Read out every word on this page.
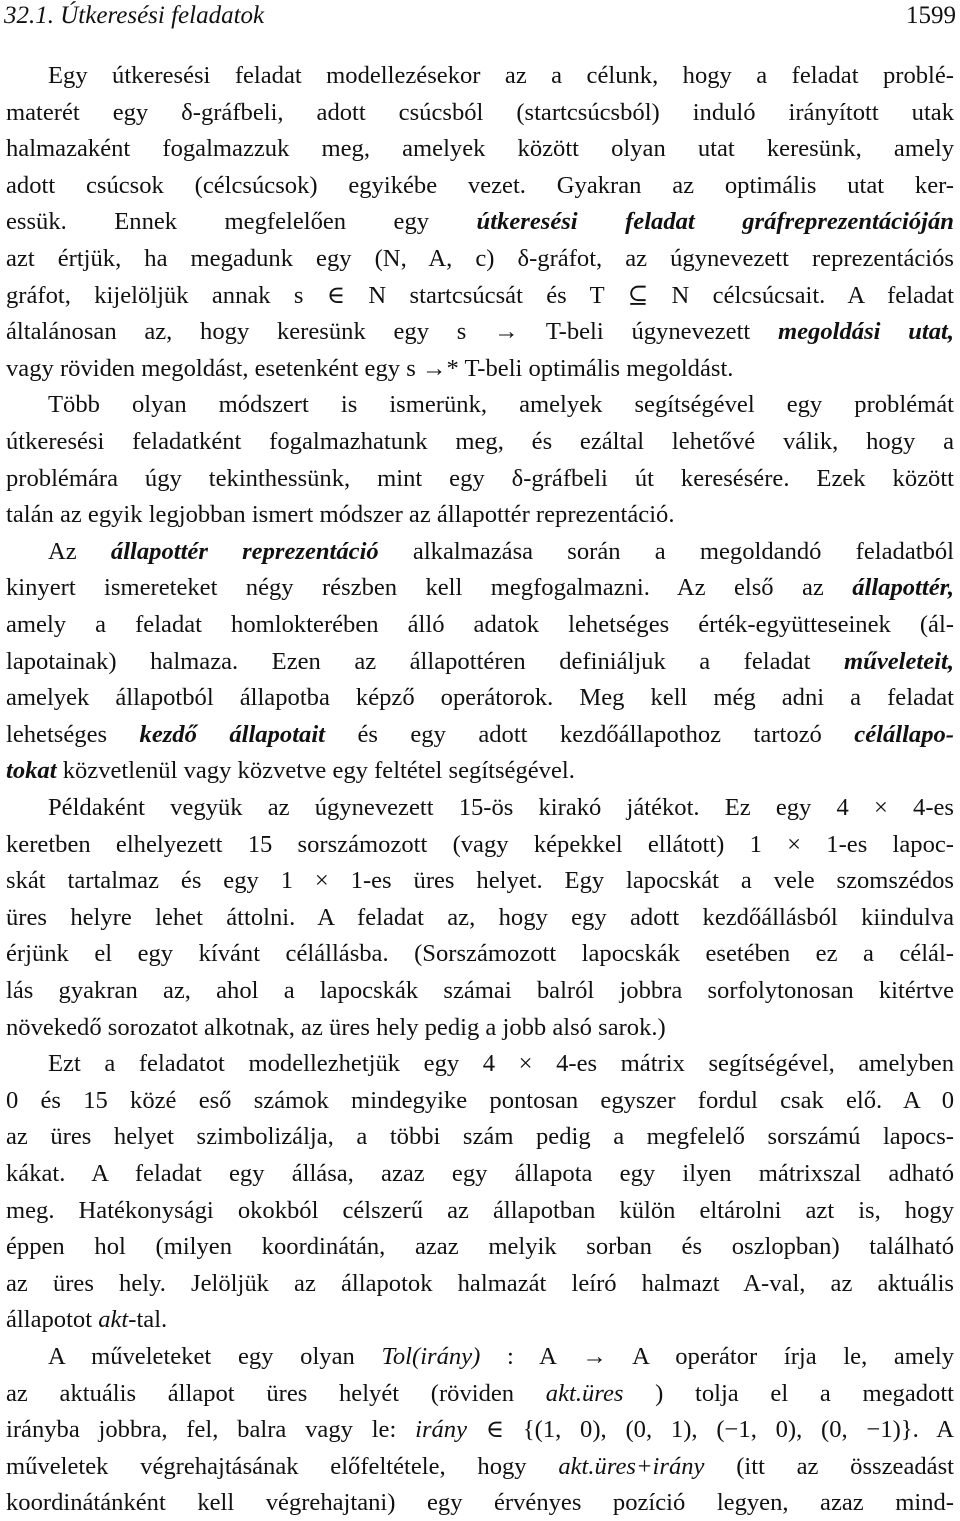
32.1. Útkeresési feladatok	1599
Egy útkeresési feladat modellezésekor az a célunk, hogy a feladat problé-
materét egy δ-gráfbeli, adott csúcsból (startcsúcsból) induló irányított utak
halmazaként fogalmazzuk meg, amelyek között olyan utat keresünk, amely
adott csúcsok (célcsúcsok) egyikébe vezet. Gyakran az optimális utat ker-
essük. Ennek megfelelően egy útkeresési feladat gráfreprezentációján
azt értjük, ha megadunk egy (N, A, c) δ-gráfot, az úgynevezett reprezentációs
gráfot, kijelöljük annak s ∈ N startcsúcsát és T ⊆ N célcsúcsait. A feladat
általánosan az, hogy keresünk egy s → T-beli úgynevezett megoldási utat,
vagy röviden megoldást, esetenként egy s →* T-beli optimális megoldást.
Több olyan módszert is ismerünk, amelyek segítségével egy problémát
útkeresési feladatként fogalmazhatunk meg, és ezáltal lehetővé válik, hogy a
problémára úgy tekinthessünk, mint egy δ-gráfbeli út keresésére. Ezek között
talán az egyik legjobban ismert módszer az állapottér reprezentáció.
Az állapottér reprezentáció alkalmazása során a megoldandó feladatból
kinyert ismereteket négy részben kell megfogalmazni. Az első az állapottér,
amely a feladat homlokterében álló adatok lehetséges érték-együtteseinek (ál-
lapotainak) halmaza. Ezen az állapottéren definiáljuk a feladat műveleteit,
amelyek állapotból állapotba képző operátorok. Meg kell még adni a feladat
lehetséges kezdő állapotait és egy adott kezdőállapothoz tartozó célállapo-
tokat közvetlenül vagy közvetve egy feltétel segítségével.
Példaként vegyük az úgynevezett 15-ös kirakó játékot. Ez egy 4 × 4-es
keretben elhelyezett 15 sorszámozott (vagy képekkel ellátott) 1 × 1-es lapoc-
skát tartalmaz és egy 1 × 1-es üres helyet. Egy lapocskát a vele szomszédos
üres helyre lehet áttolni. A feladat az, hogy egy adott kezdőállásból kiindulva
érjünk el egy kívánt célállásba. (Sorszámozott lapocskák esetében ez a célál-
lás gyakran az, ahol a lapocskák számai balról jobbra sorfolytonosan kitértve
növekedő sorozatot alkotnak, az üres hely pedig a jobb alsó sarok.)
Ezt a feladatot modellezhetjük egy 4 × 4-es mátrix segítségével, amelyben
0 és 15 közé eső számok mindegyike pontosan egyszer fordul csak elő. A 0
az üres helyet szimbolizálja, a többi szám pedig a megfelelő sorszámú lapocs-
kákat. A feladat egy állása, azaz egy állapota egy ilyen mátrixszal adható
meg. Hatékonysági okokból célszerű az állapotban külön eltárolni azt is, hogy
éppen hol (milyen koordinátán, azaz melyik sorban és oszlopban) található
az üres hely. Jelöljük az állapotok halmazát leíró halmazt A-val, az aktuális
állapotot akt-tal.
A műveleteket egy olyan Tol(irány) : A → A operátor írja le, amely
az aktuális állapot üres helyét (röviden akt.üres ) tolja el a megadott
irányba jobbra, fel, balra vagy le: irány ∈ {(1, 0), (0, 1), (−1, 0), (0, −1)}. A
műveletek végrehajtásának előfeltétele, hogy akt.üres+irány (itt az összeadást
koordinátánként kell végrehajtani) egy érvényes pozíció legyen, azaz mind-
